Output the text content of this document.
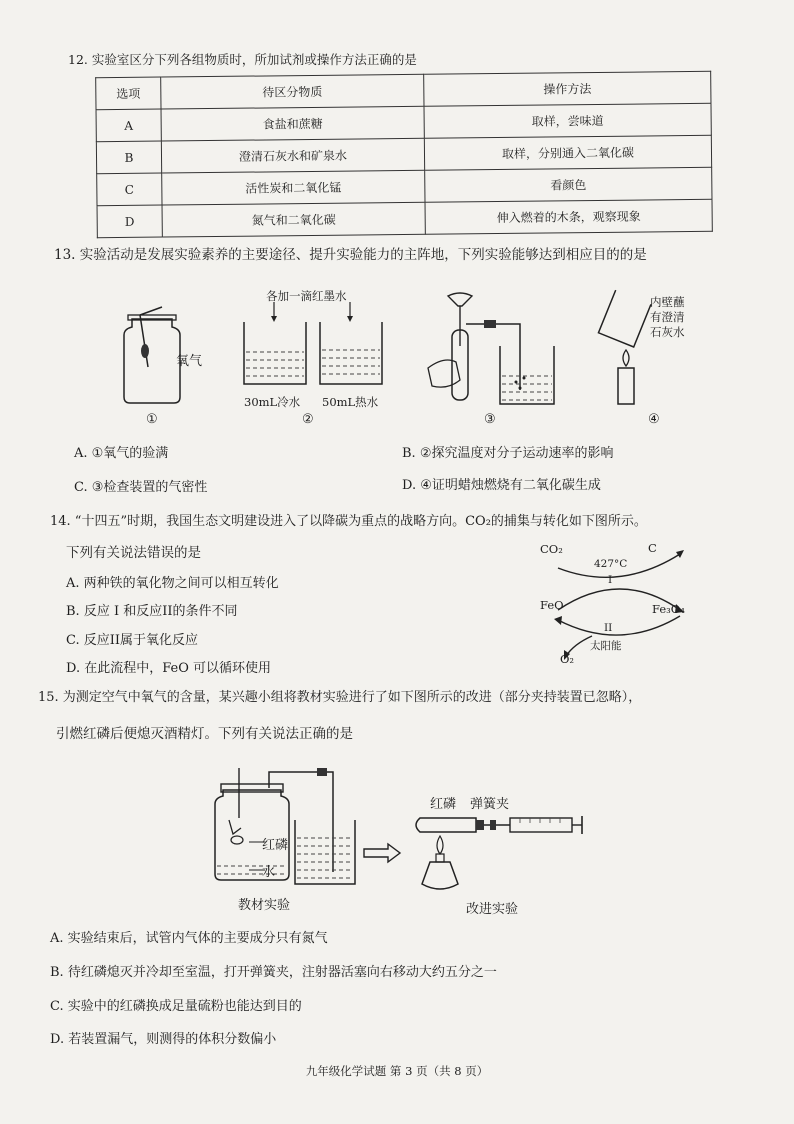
12. 实验室区分下列各组物质时，所加试剂或操作方法正确的是
选项	待区分物质	操作方法
A	食盐和蔗糖	取样，尝味道
B	澄清石灰水和矿泉水	取样，分别通入二氧化碳
C	活性炭和二氧化锰	看颜色
D	氮气和二氧化碳	伸入燃着的木条，观察现象
13. 实验活动是发展实验素养的主要途径、提升实验能力的主阵地，下列实验能够达到相应目的的是
氧气
①
各加一滴红墨水
30mL冷水 50mL热水
②	③
内壁蘸
有澄清
石灰水
④
A. ①氧气的验满	B. ②探究温度对分子运动速率的影响
C. ③检查装置的气密性	D. ④证明蜡烛燃烧有二氧化碳生成
14. “十四五”时期，我国生态文明建设进入了以降碳为重点的战略方向。CO₂的捕集与转化如下图所示。
下列有关说法错误的是	CO₂	C
427°C
I
FeO	Fe₃O₄
II
太阳能
O₂
A. 两种铁的氧化物之间可以相互转化
B. 反应 I 和反应II的条件不同
C. 反应II属于氧化反应
D. 在此流程中，FeO 可以循环使用
15. 为测定空气中氧气的含量，某兴趣小组将教材实验进行了如下图所示的改进（部分夹持装置已忽略），
引燃红磷后便熄灭酒精灯。下列有关说法正确的是
红磷
水
教材实验
红磷 弹簧夹
改进实验
A. 实验结束后，试管内气体的主要成分只有氮气
B. 待红磷熄灭并冷却至室温，打开弹簧夹，注射器活塞向右移动大约五分之一
C. 实验中的红磷换成足量硫粉也能达到目的
D. 若装置漏气，则测得的体积分数偏小
九年级化学试题 第 3 页（共 8 页）
